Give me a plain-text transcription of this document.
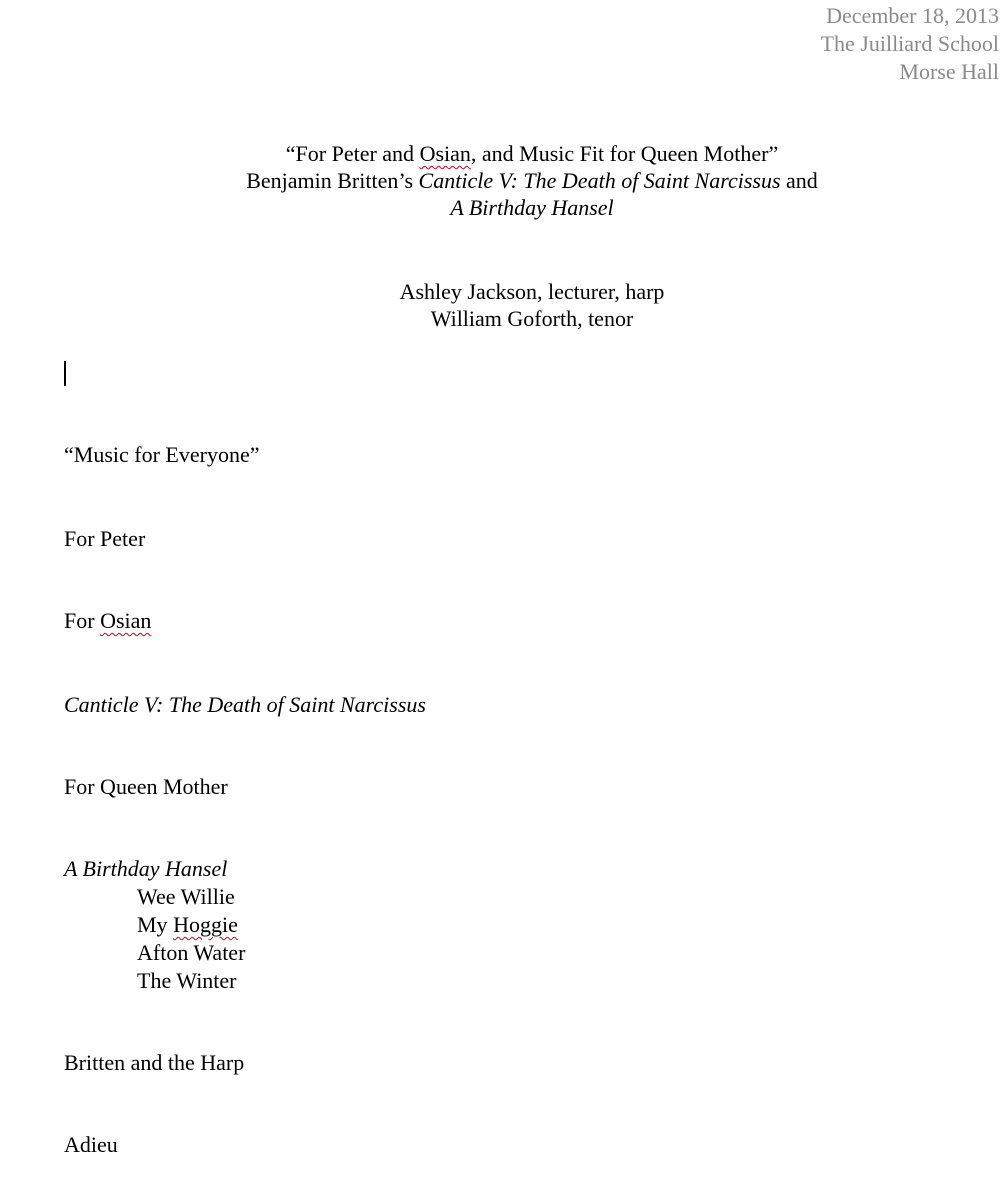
December 18, 2013
The Juilliard School
Morse Hall
“For Peter and Osian, and Music Fit for Queen Mother”
Benjamin Britten’s Canticle V: The Death of Saint Narcissus and
A Birthday Hansel
Ashley Jackson, lecturer, harp
William Goforth, tenor
“Music for Everyone”
For Peter
For Osian
Canticle V: The Death of Saint Narcissus
For Queen Mother
A Birthday Hansel
Wee Willie
My Hoggie
Afton Water
The Winter
Britten and the Harp
Adieu
